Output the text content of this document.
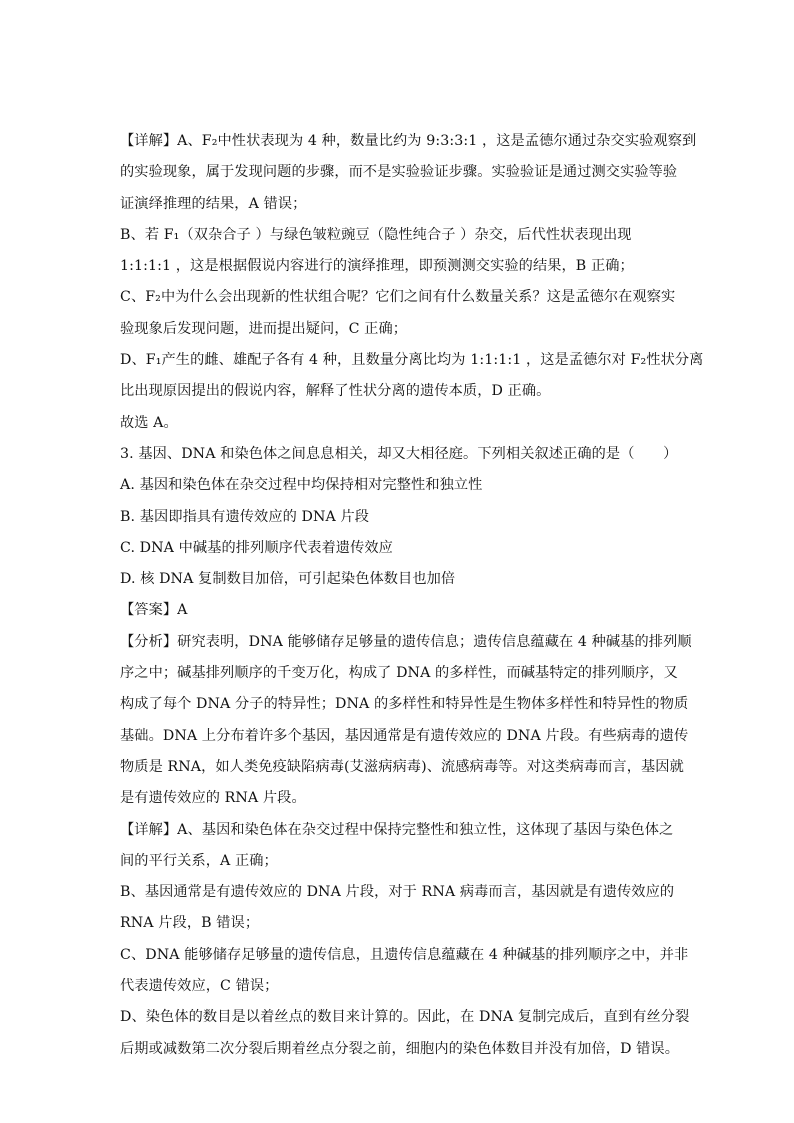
【详解】A、F₂中性状表现为 4 种，数量比约为 9:3:3:1 ，这是孟德尔通过杂交实验观察到
的实验现象，属于发现问题的步骤，而不是实验验证步骤。实验验证是通过测交实验等验
证演绎推理的结果，A 错误；
B、若 F₁（双杂合子 ）与绿色皱粒豌豆（隐性纯合子 ）杂交，后代性状表现出现
1:1:1:1 ，这是根据假说内容进行的演绎推理，即预测测交实验的结果，B 正确；
C、F₂中为什么会出现新的性状组合呢？它们之间有什么数量关系？这是孟德尔在观察实
验现象后发现问题，进而提出疑问，C 正确；
D、F₁产生的雌、雄配子各有 4 种，且数量分离比均为 1:1:1:1 ，这是孟德尔对 F₂性状分离
比出现原因提出的假说内容，解释了性状分离的遗传本质，D 正确。
故选 A。
3. 基因、DNA 和染色体之间息息相关，却又大相径庭。下列相关叙述正确的是（　　）
A. 基因和染色体在杂交过程中均保持相对完整性和独立性
B. 基因即指具有遗传效应的 DNA 片段
C. DNA 中碱基的排列顺序代表着遗传效应
D. 核 DNA 复制数目加倍，可引起染色体数目也加倍
【答案】A
【分析】研究表明，DNA 能够储存足够量的遗传信息；遗传信息蕴藏在 4 种碱基的排列顺
序之中；碱基排列顺序的千变万化，构成了 DNA 的多样性，而碱基特定的排列顺序，又
构成了每个 DNA 分子的特异性；DNA 的多样性和特异性是生物体多样性和特异性的物质
基础。DNA 上分布着许多个基因，基因通常是有遗传效应的 DNA 片段。有些病毒的遗传
物质是 RNA，如人类免疫缺陷病毒(艾滋病病毒)、流感病毒等。对这类病毒而言，基因就
是有遗传效应的 RNA 片段。
【详解】A、基因和染色体在杂交过程中保持完整性和独立性，这体现了基因与染色体之
间的平行关系，A 正确；
B、基因通常是有遗传效应的 DNA 片段，对于 RNA 病毒而言，基因就是有遗传效应的
RNA 片段，B 错误；
C、DNA 能够储存足够量的遗传信息，且遗传信息蕴藏在 4 种碱基的排列顺序之中，并非
代表遗传效应，C 错误；
D、染色体的数目是以着丝点的数目来计算的。因此，在 DNA 复制完成后，直到有丝分裂
后期或减数第二次分裂后期着丝点分裂之前，细胞内的染色体数目并没有加倍，D 错误。
